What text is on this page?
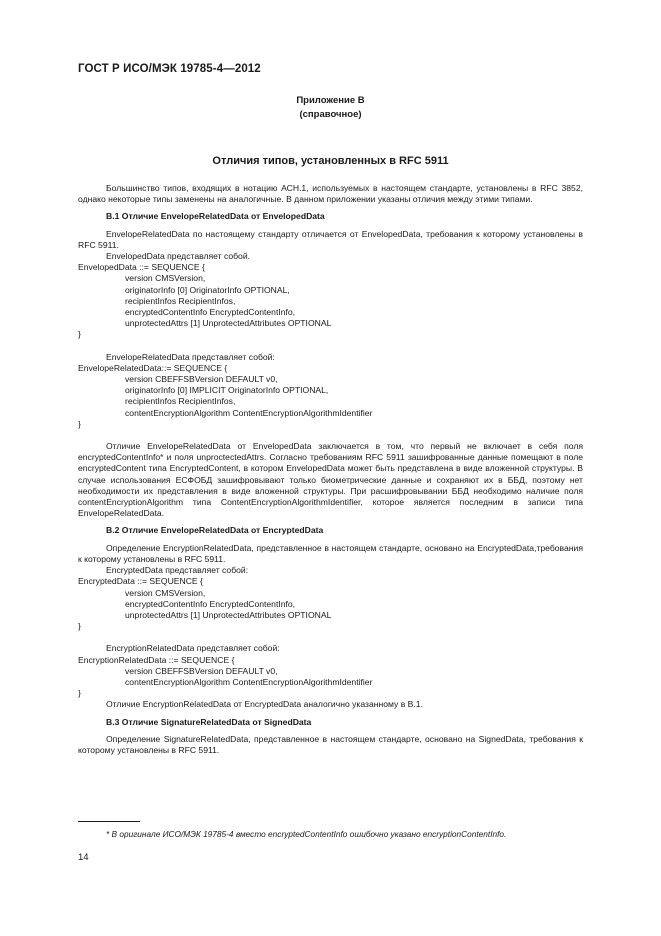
ГОСТ Р ИСО/МЭК 19785-4—2012
Приложение B
(справочное)
Отличия типов, установленных в RFC 5911

Большинство типов, входящих в нотацию АСН.1, используемых в настоящем стандарте, установлены в RFC 3852, однако некоторые типы заменены на аналогичные. В данном приложении указаны отличия между этими типами.

B.1 Отличие EnvelopeRelatedData от EnvelopedData

EnvelopeRelatedData по настоящему стандарту отличается от EnvelopedData, требования к которому установлены в RFC 5911.

EnvelopedData представляет собой.

EnvelopedData ::= SEQUENCE {

version CMSVersion,

originatorInfo [0] OriginatorInfo OPTIONAL,

recipientInfos RecipientInfos,

encryptedContentInfo EncryptedContentInfo,

unprotectedAttrs [1] UnprotectedAttributes OPTIONAL

}

EnvelopeRelatedData представляет собой:

EnvelopeRelatedData::= SEQUENCE {

version CBEFFSBVersion DEFAULT v0,

originatorInfo [0] IMPLICIT OriginatorInfo OPTIONAL,

recipientInfos RecipientInfos,

contentEncryptionAlgorithm ContentEncryptionAlgorithmIdentifier

}

Отличие EnvelopeRelatedData от EnvelopedData заключается в том, что первый не включает в себя поля encryptedContentInfo* и поля unproctectedAttrs. Согласно требованиям RFC 5911 зашифрованные данные помещают в поле encryptedContent типа EncryptedContent, в котором EnvelopedData может быть представлена в виде вложенной структуры. В случае использования ЕСФОБД зашифровывают только биометрические данные и сохраняют их в ББД, поэтому нет необходимости их представления в виде вложенной структуры. При расшифровывании ББД необходимо наличие поля contentEncryptionAlgorithm типа ContentEncryptionAlgorithmIdentifier, которое является последним в записи типа EnvelopeRelatedData.

B.2 Отличие EnvelopeRelatedData от EncryptedData

Определение EncryptionRelatedData, представленное в настоящем стандарте, основано на EncryptedData,требования к которому установлены в RFC 5911.

EncryptedData представляет собой:

EncryptedData ::= SEQUENCE {

version CMSVersion,

encryptedContentInfo EncryptedContentInfo,

unprotectedAttrs [1] UnprotectedAttributes OPTIONAL

}

EncryptionRelatedData представляет собой:

EncryptionRelatedData ::= SEQUENCE {

version CBEFFSBVersion DEFAULT v0,

contentEncryptionAlgorithm ContentEncryptionAlgorithmIdentifier

}

Отличие EncryptionRelatedData от EncryptedData аналогично указанному в B.1.

B.3 Отличие SignatureRelatedData от SignedData

Определение SignatureRelatedData, представленное в настоящем стандарте, основано на SignedData, требования к которому установлены в RFC 5911.

* В оригинале ИСО/МЭК 19785-4 вместо encryptedContentInfo ошибочно указано encryptionContentInfo.
14
